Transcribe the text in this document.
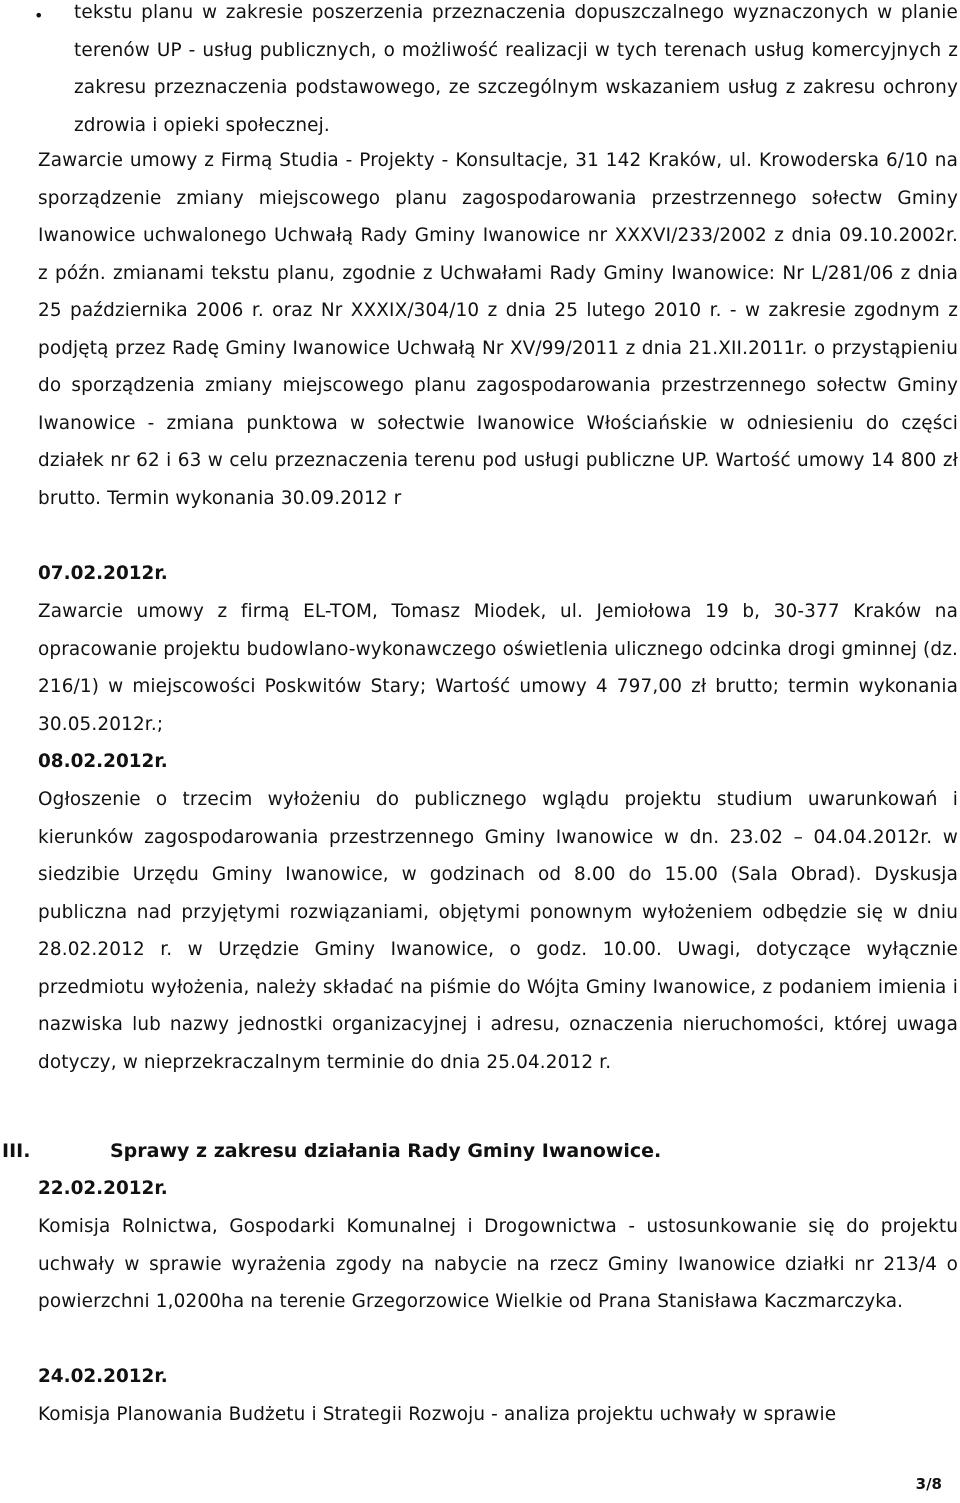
• tekstu planu w zakresie poszerzenia przeznaczenia dopuszczalnego wyznaczonych w planie terenów UP - usług publicznych, o możliwość realizacji w tych terenach usług komercyjnych z zakresu przeznaczenia podstawowego, ze szczególnym wskazaniem usług z zakresu ochrony zdrowia i opieki społecznej.

Zawarcie umowy z Firmą Studia - Projekty - Konsultacje, 31 142 Kraków, ul. Krowoderska 6/10 na sporządzenie zmiany miejscowego planu zagospodarowania przestrzennego sołectw Gminy Iwanowice uchwalonego Uchwałą Rady Gminy Iwanowice nr XXXVI/233/2002 z dnia 09.10.2002r. z późn. zmianami tekstu planu, zgodnie z Uchwałami Rady Gminy Iwanowice: Nr L/281/06 z dnia 25 października 2006 r. oraz Nr XXXIX/304/10 z dnia 25 lutego 2010 r. - w zakresie zgodnym z podjętą przez Radę Gminy Iwanowice Uchwałą Nr XV/99/2011 z dnia 21.XII.2011r. o przystąpieniu do sporządzenia zmiany miejscowego planu zagospodarowania przestrzennego sołectw Gminy Iwanowice - zmiana punktowa w sołectwie Iwanowice Włościańskie w odniesieniu do części działek nr 62 i 63 w celu przeznaczenia terenu pod usługi publiczne UP. Wartość umowy 14 800 zł brutto. Termin wykonania 30.09.2012 r

07.02.2012r.

Zawarcie umowy z firmą EL-TOM, Tomasz Miodek, ul. Jemiołowa 19 b, 30-377 Kraków na opracowanie projektu budowlano-wykonawczego oświetlenia ulicznego odcinka drogi gminnej (dz. 216/1) w miejscowości Poskwitów Stary; Wartość umowy 4 797,00 zł brutto; termin wykonania 30.05.2012r.;

08.02.2012r.

Ogłoszenie o trzecim wyłożeniu do publicznego wglądu projektu studium uwarunkowań i kierunków zagospodarowania przestrzennego Gminy Iwanowice w dn. 23.02 – 04.04.2012r. w siedzibie Urzędu Gminy Iwanowice, w godzinach od 8.00 do 15.00 (Sala Obrad). Dyskusja publiczna nad przyjętymi rozwiązaniami, objętymi ponownym wyłożeniem odbędzie się w dniu 28.02.2012 r. w Urzędzie Gminy Iwanowice, o godz. 10.00. Uwagi, dotyczące wyłącznie przedmiotu wyłożenia, należy składać na piśmie do Wójta Gminy Iwanowice, z podaniem imienia i nazwiska lub nazwy jednostki organizacyjnej i adresu, oznaczenia nieruchomości, której uwaga dotyczy, w nieprzekraczalnym terminie do dnia 25.04.2012 r.

III.	Sprawy z zakresu działania Rady Gminy Iwanowice.

22.02.2012r.

Komisja Rolnictwa, Gospodarki Komunalnej i Drogownictwa - ustosunkowanie się do projektu uchwały w sprawie wyrażenia zgody na nabycie na rzecz Gminy Iwanowice działki nr 213/4 o powierzchni 1,0200ha na terenie Grzegorzowice Wielkie od Prana Stanisława Kaczmarczyka.

24.02.2012r.

Komisja Planowania Budżetu i Strategii Rozwoju - analiza projektu uchwały w sprawie

3/8
